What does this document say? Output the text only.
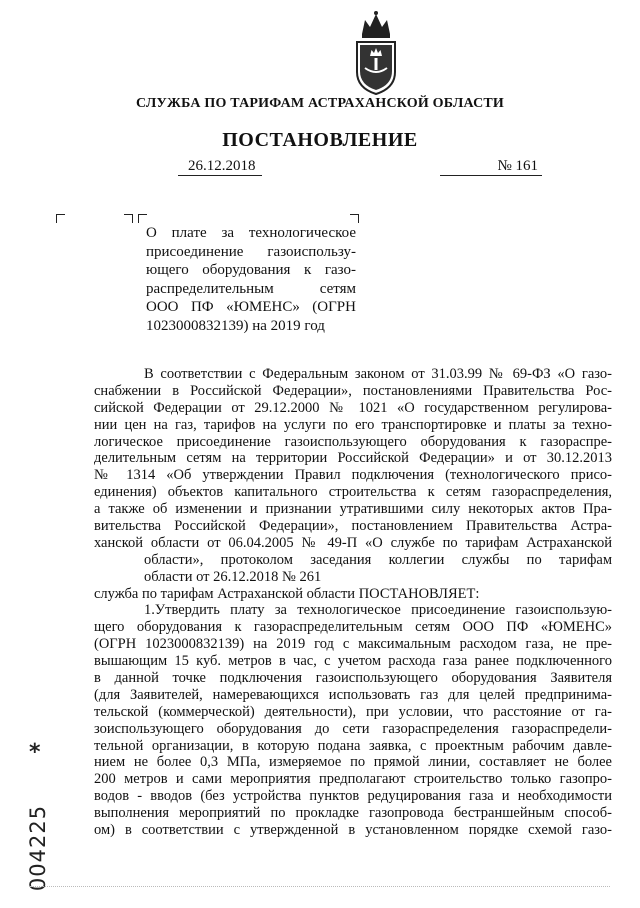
СЛУЖБА ПО ТАРИФАМ АСТРАХАНСКОЙ ОБЛАСТИ
ПОСТАНОВЛЕНИЕ
26.12.2018	№ 161
О плате за технологическое
присоединение газоиспользу-
ющего оборудования к газо-
распределительным сетям
ООО ПФ «ЮМЕНС» (ОГРН
1023000832139) на 2019 год
В соответствии с Федеральным законом от 31.03.99 № 69-ФЗ «О газо-
снабжении в Российской Федерации», постановлениями Правительства Рос-
сийской Федерации от 29.12.2000 № 1021 «О государственном регулирова-
нии цен на газ, тарифов на услуги по его транспортировке и платы за техно-
логическое присоединение газоиспользующего оборудования к газораспре-
делительным сетям на территории Российской Федерации» и от 30.12.2013
№ 1314 «Об утверждении Правил подключения (технологического присо-
единения) объектов капитального строительства к сетям газораспределения,
а также об изменении и признании утратившими силу некоторых актов Пра-
вительства Российской Федерации», постановлением Правительства Астра-
ханской области от 06.04.2005 № 49-П «О службе по тарифам Астраханской
области», протоколом заседания коллегии службы по тарифам
области от 26.12.2018 № 261
служба по тарифам Астраханской области ПОСТАНОВЛЯЕТ:
1.Утвердить плату за технологическое присоединение газоиспользую-
щего оборудования к газораспределительным сетям ООО ПФ «ЮМЕНС»
(ОГРН 1023000832139) на 2019 год с максимальным расходом газа, не пре-
вышающим 15 куб. метров в час, с учетом расхода газа ранее подключенного
в данной точке подключения газоиспользующего оборудования Заявителя
(для Заявителей, намеревающихся использовать газ для целей предпринима-
тельской (коммерческой) деятельности), при условии, что расстояние от га-
зоиспользующего оборудования до сети газораспределения газораспредели-
тельной организации, в которую подана заявка, с проектным рабочим давле-
нием не более 0,3 МПа, измеряемое по прямой линии, составляет не более
200 метров и сами мероприятия предполагают строительство только газопро-
водов - вводов (без устройства пунктов редуцирования газа и необходимости
выполнения мероприятий по прокладке газопровода бестраншейным способ-
ом) в соответствии с утвержденной в установленном порядке схемой газо-
*
004225
